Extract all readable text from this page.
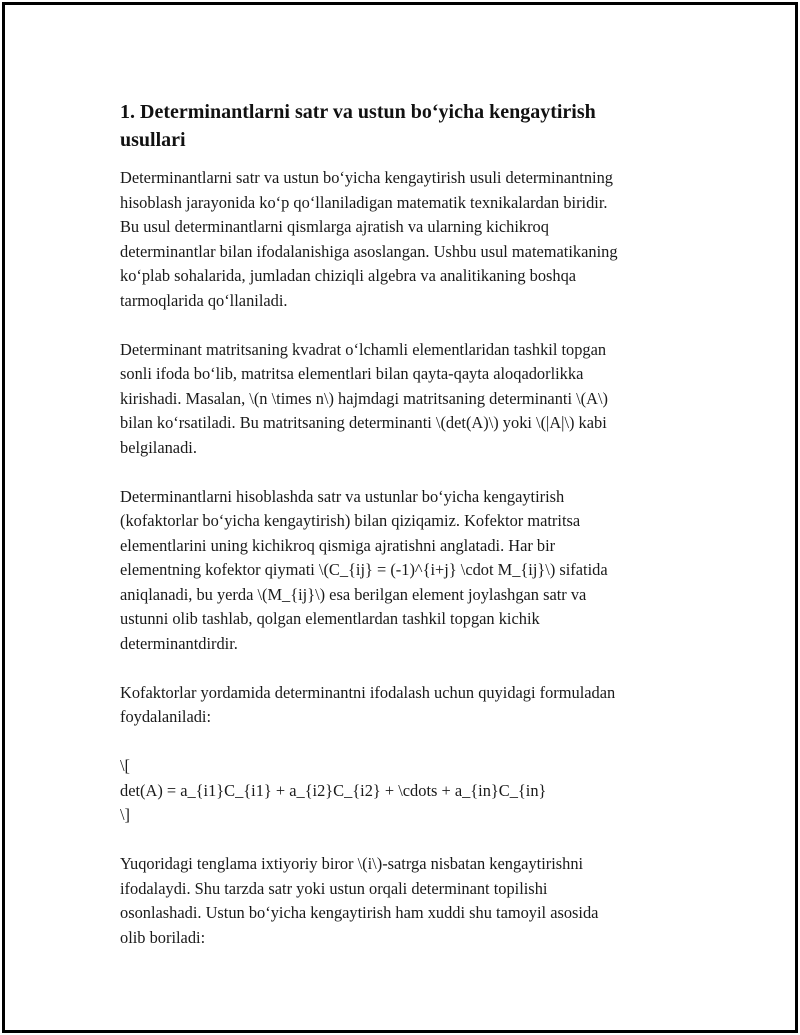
1. Determinantlarni satr va ustun bo‘yicha kengaytirish
usullari
Determinantlarni satr va ustun bo‘yicha kengaytirish usuli determinantning
hisoblash jarayonida ko‘p qo‘llaniladigan matematik texnikalardan biridir.
Bu usul determinantlarni qismlarga ajratish va ularning kichikroq
determinantlar bilan ifodalanishiga asoslangan. Ushbu usul matematikaning
ko‘plab sohalarida, jumladan chiziqli algebra va analitikaning boshqa
tarmoqlarida qo‘llaniladi.
Determinant matritsaning kvadrat o‘lchamli elementlaridan tashkil topgan
sonli ifoda bo‘lib, matritsa elementlari bilan qayta-qayta aloqadorlikka
kirishadi. Masalan, \(n \times n\) hajmdagi matritsaning determinanti \(A\)
bilan ko‘rsatiladi. Bu matritsaning determinanti \(det(A)\) yoki \(|A|\) kabi
belgilanadi.
Determinantlarni hisoblashda satr va ustunlar bo‘yicha kengaytirish
(kofaktorlar bo‘yicha kengaytirish) bilan qiziqamiz. Kofektor matritsa
elementlarini uning kichikroq qismiga ajratishni anglatadi. Har bir
elementning kofektor qiymati \(C_{ij} = (-1)^{i+j} \cdot M_{ij}\) sifatida
aniqlanadi, bu yerda \(M_{ij}\) esa berilgan element joylashgan satr va
ustunni olib tashlab, qolgan elementlardan tashkil topgan kichik
determinantdirdir.
Kofaktorlar yordamida determinantni ifodalash uchun quyidagi formuladan
foydalaniladi:
\[
det(A) = a_{i1}C_{i1} + a_{i2}C_{i2} + \cdots + a_{in}C_{in}
\]
Yuqoridagi tenglama ixtiyoriy biror \(i\)-satrga nisbatan kengaytirishni
ifodalaydi. Shu tarzda satr yoki ustun orqali determinant topilishi
osonlashadi. Ustun bo‘yicha kengaytirish ham xuddi shu tamoyil asosida
olib boriladi:
